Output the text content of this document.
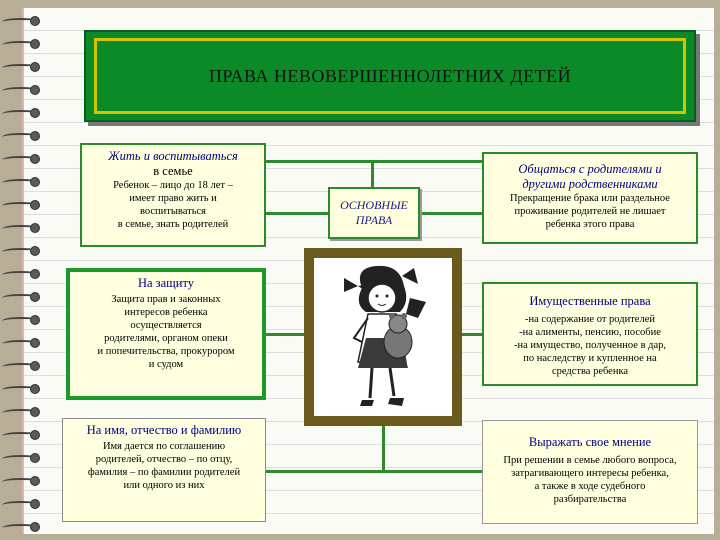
ПРАВА НЕВОВЕРШЕННОЛЕТНИХ ДЕТЕЙ
Жить и воспитываться
в семье
Ребенок – лицо до 18 лет –
имеет право жить и
воспитываться
в семье, знать родителей
Общаться с родителями и
другими родственниками
Прекращение брака или раздельное
проживание родителей не лишает
ребенка этого права
На защиту
Защита прав и законных
интересов ребенка
осуществляется
родителями, органом опеки
и попечительства, прокурором
и судом
Имущественные права
-на содержание от родителей
-на алименты, пенсию, пособие
-на имущество, полученное в дар,
по наследству и купленное на
средства ребенка
На имя, отчество и фамилию
Имя дается по соглашению
родителей, отчество – по отцу,
фамилия – по фамилии родителей
или одного из них
Выражать свое мнение
При решении в семье любого вопроса,
затрагивающего интересы ребенка,
а также в ходе судебного
разбирательства
ОСНОВНЫЕ
ПРАВА
